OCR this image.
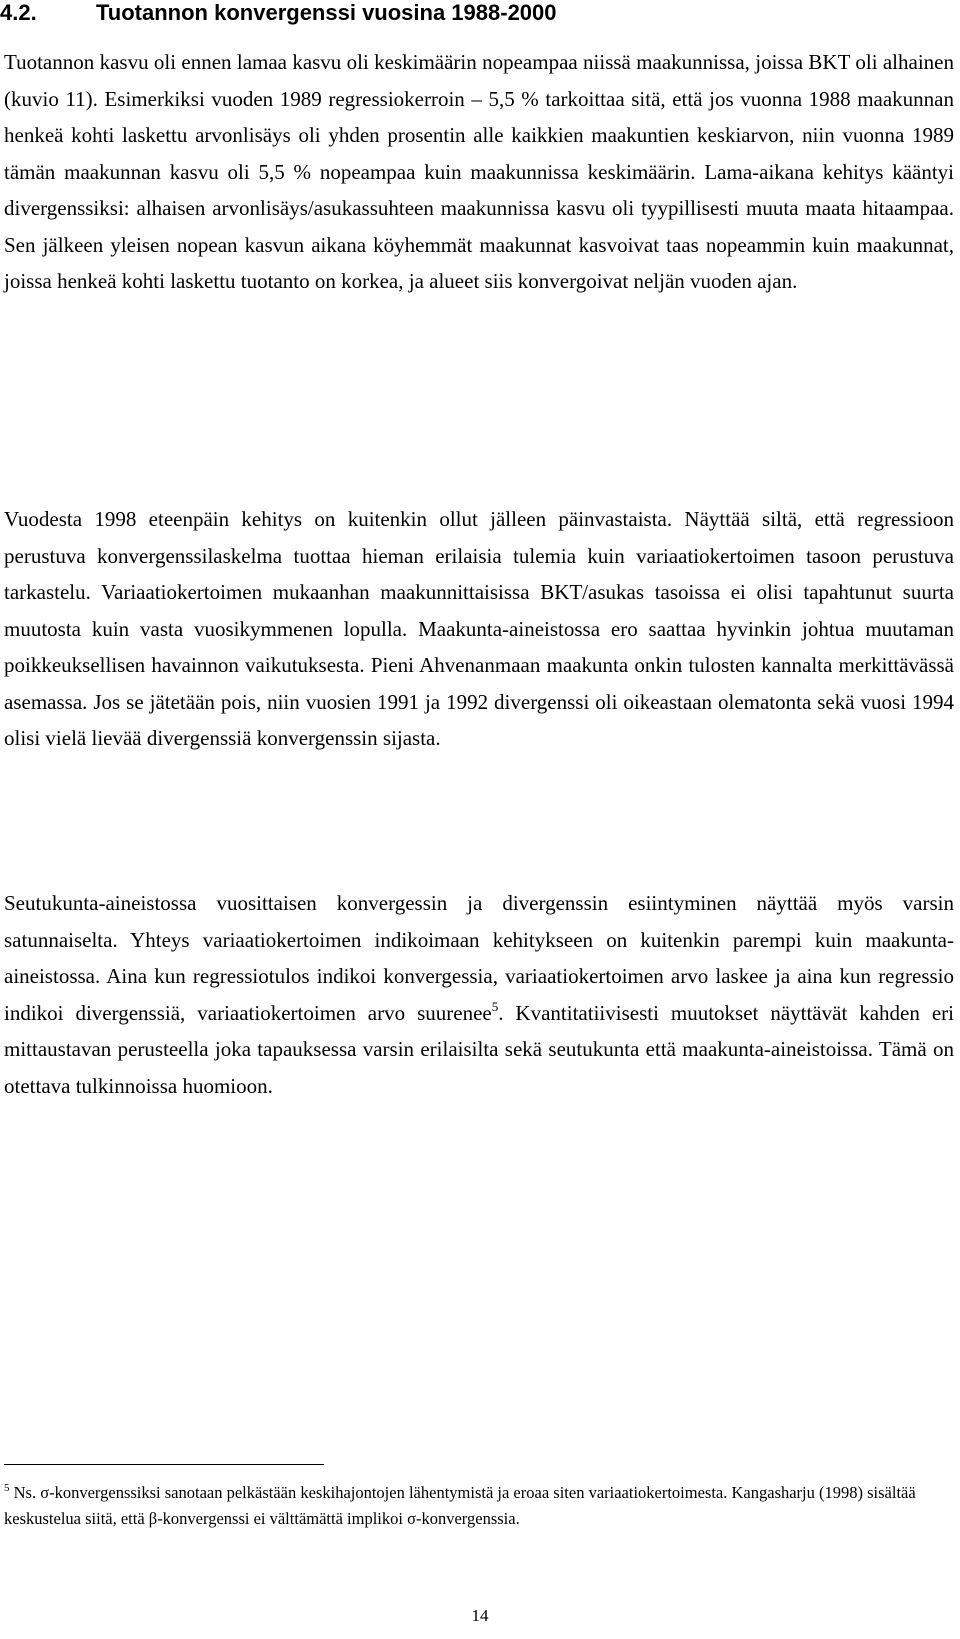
4.2.	Tuotannon konvergenssi vuosina 1988-2000

Tuotannon kasvu oli ennen lamaa kasvu oli keskimäärin nopeampaa niissä maakunnissa, joissa BKT oli alhainen (kuvio 11). Esimerkiksi vuoden 1989 regressiokerroin – 5,5 % tarkoittaa sitä, että jos vuonna 1988 maakunnan henkeä kohti laskettu arvonlisäys oli yhden prosentin alle kaikkien maakuntien keskiarvon, niin vuonna 1989 tämän maakunnan kasvu oli 5,5 % nopeampaa kuin maakunnissa keskimäärin. Lama-aikana kehitys kääntyi divergenssiksi: alhaisen arvonlisäys/asukassuhteen maakunnissa kasvu oli tyypillisesti muuta maata hitaampaa. Sen jälkeen yleisen nopean kasvun aikana köyhemmät maakunnat kasvoivat taas nopeammin kuin maakunnat, joissa henkeä kohti laskettu tuotanto on korkea, ja alueet siis konvergoivat neljän vuoden ajan.

Vuodesta 1998 eteenpäin kehitys on kuitenkin ollut jälleen päinvastaista. Näyttää siltä, että regressioon perustuva konvergenssilaskelma tuottaa hieman erilaisia tulemia kuin variaatiokertoimen tasoon perustuva tarkastelu. Variaatiokertoimen mukaanhan maakunnittaisissa BKT/asukas tasoissa ei olisi tapahtunut suurta muutosta kuin vasta vuosikymmenen lopulla. Maakunta-aineistossa ero saattaa hyvinkin johtua muutaman poikkeuksellisen havainnon vaikutuksesta. Pieni Ahvenanmaan maakunta onkin tulosten kannalta merkittävässä asemassa. Jos se jätetään pois, niin vuosien 1991 ja 1992 divergenssi oli oikeastaan olematonta sekä vuosi 1994 olisi vielä lievää divergenssiä konvergenssin sijasta.

Seutukunta-aineistossa vuosittaisen konvergessin ja divergenssin esiintyminen näyttää myös varsin satunnaiselta. Yhteys variaatiokertoimen indikoimaan kehitykseen on kuitenkin parempi kuin maakunta-aineistossa. Aina kun regressiotulos indikoi konvergessia, variaatiokertoimen arvo laskee ja aina kun regressio indikoi divergenssiä, variaatiokertoimen arvo suurenee$^5$. Kvantitatiivisesti muutokset näyttävät kahden eri mittaustavan perusteella joka tapauksessa varsin erilaisilta sekä seutukunta että maakunta-aineistoissa. Tämä on otettava tulkinnoissa huomioon.

$^5$ Ns. σ-konvergenssiksi sanotaan pelkästään keskihajontojen lähentymistä ja eroaa siten variaatiokertoimesta. Kangasharju (1998) sisältää keskustelua siitä, että β-konvergenssi ei välttämättä implikoi σ-konvergenssia.

14
